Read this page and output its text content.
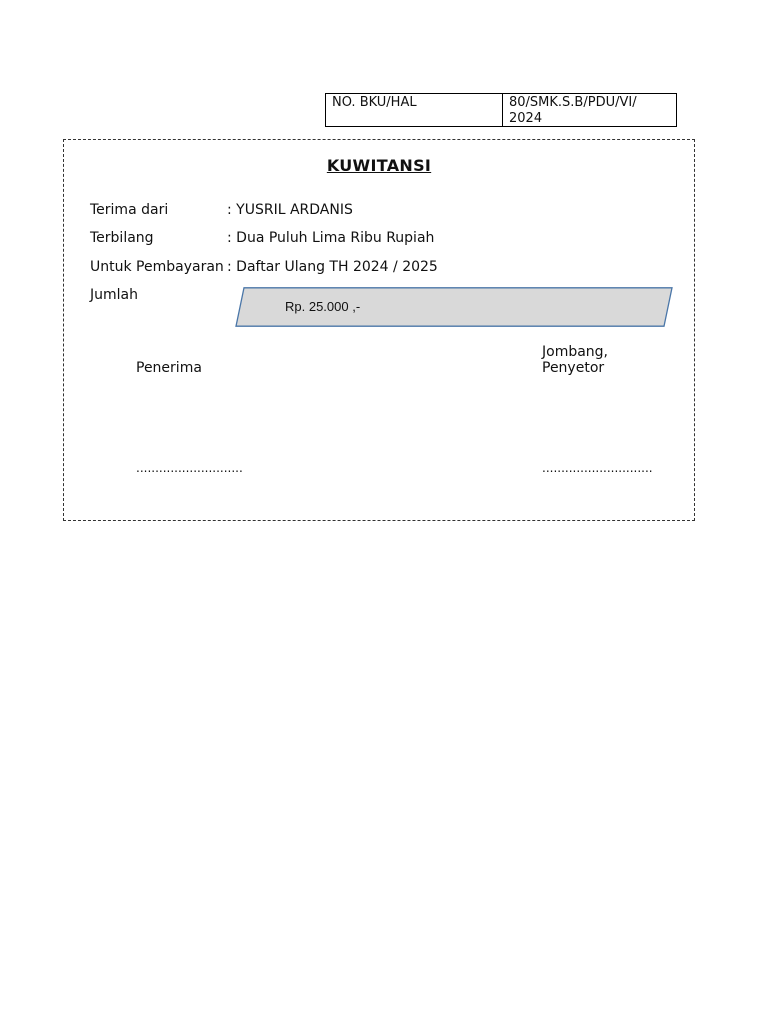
NO. BKU/HAL	80/SMK.S.B/PDU/VI/ 2024
KUWITANSI
Terima dari	: YUSRIL ARDANIS
Terbilang	: Dua Puluh Lima Ribu Rupiah
Untuk Pembayaran : Daftar Ulang TH 2024 / 2025
Jumlah
Rp. 25.000 ,-
Penerima
Jombang,
Penyetor
............................	.............................
